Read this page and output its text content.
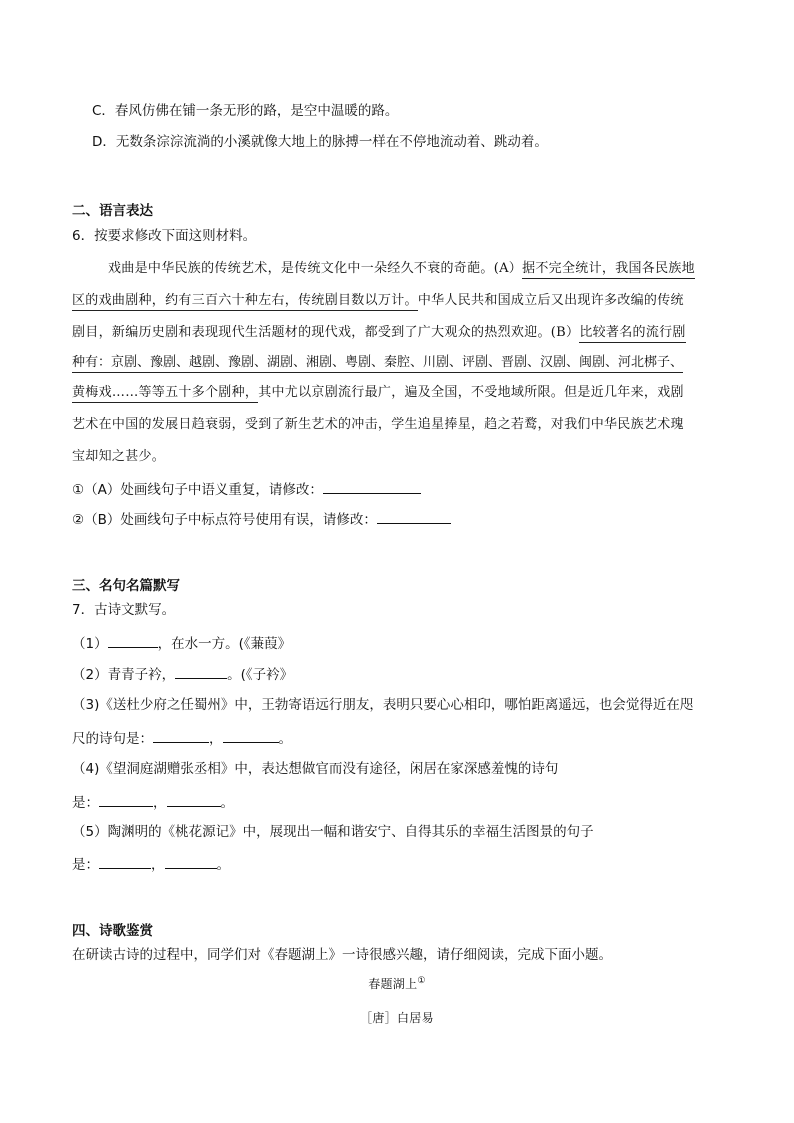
C．春风仿佛在铺一条无形的路，是空中温暖的路。
D．无数条淙淙流淌的小溪就像大地上的脉搏一样在不停地流动着、跳动着。
二、语言表达
6．按要求修改下面这则材料。
戏曲是中华民族的传统艺术，是传统文化中一朵经久不衰的奇葩。(A）据不完全统计，我国各民族地
区的戏曲剧种，约有三百六十种左右，传统剧目数以万计。中华人民共和国成立后又出现许多改编的传统
剧目，新编历史剧和表现现代生活题材的现代戏，都受到了广大观众的热烈欢迎。(B）比较著名的流行剧
种有：京剧、豫剧、越剧、豫剧、湖剧、湘剧、粤剧、秦腔、川剧、评剧、晋剧、汉剧、闽剧、河北梆子、
黄梅戏……等等五十多个剧种，其中尤以京剧流行最广，遍及全国，不受地域所限。但是近几年来，戏剧
艺术在中国的发展日趋衰弱，受到了新生艺术的冲击，学生追星捧星，趋之若鹜，对我们中华民族艺术瑰
宝却知之甚少。
①（A）处画线句子中语义重复，请修改：
②（B）处画线句子中标点符号使用有误，请修改：
三、名句名篇默写
7．古诗文默写。
（1）	，在水一方。(《蒹葭》
（2）青青子衿，	。(《子衿》
（3)《送杜少府之任蜀州》中，王勃寄语远行朋友，表明只要心心相印，哪怕距离遥远，也会觉得近在咫
尺的诗句是：	，	。
（4)《望洞庭湖赠张丞相》中，表达想做官而没有途径，闲居在家深感羞愧的诗句
是：	，	。
（5）陶渊明的《桃花源记》中，展现出一幅和谐安宁、自得其乐的幸福生活图景的句子
是：	，	。
四、诗歌鉴赏
在研读古诗的过程中，同学们对《春题湖上》一诗很感兴趣，请仔细阅读，完成下面小题。
春题湖上①
［唐］白居易
